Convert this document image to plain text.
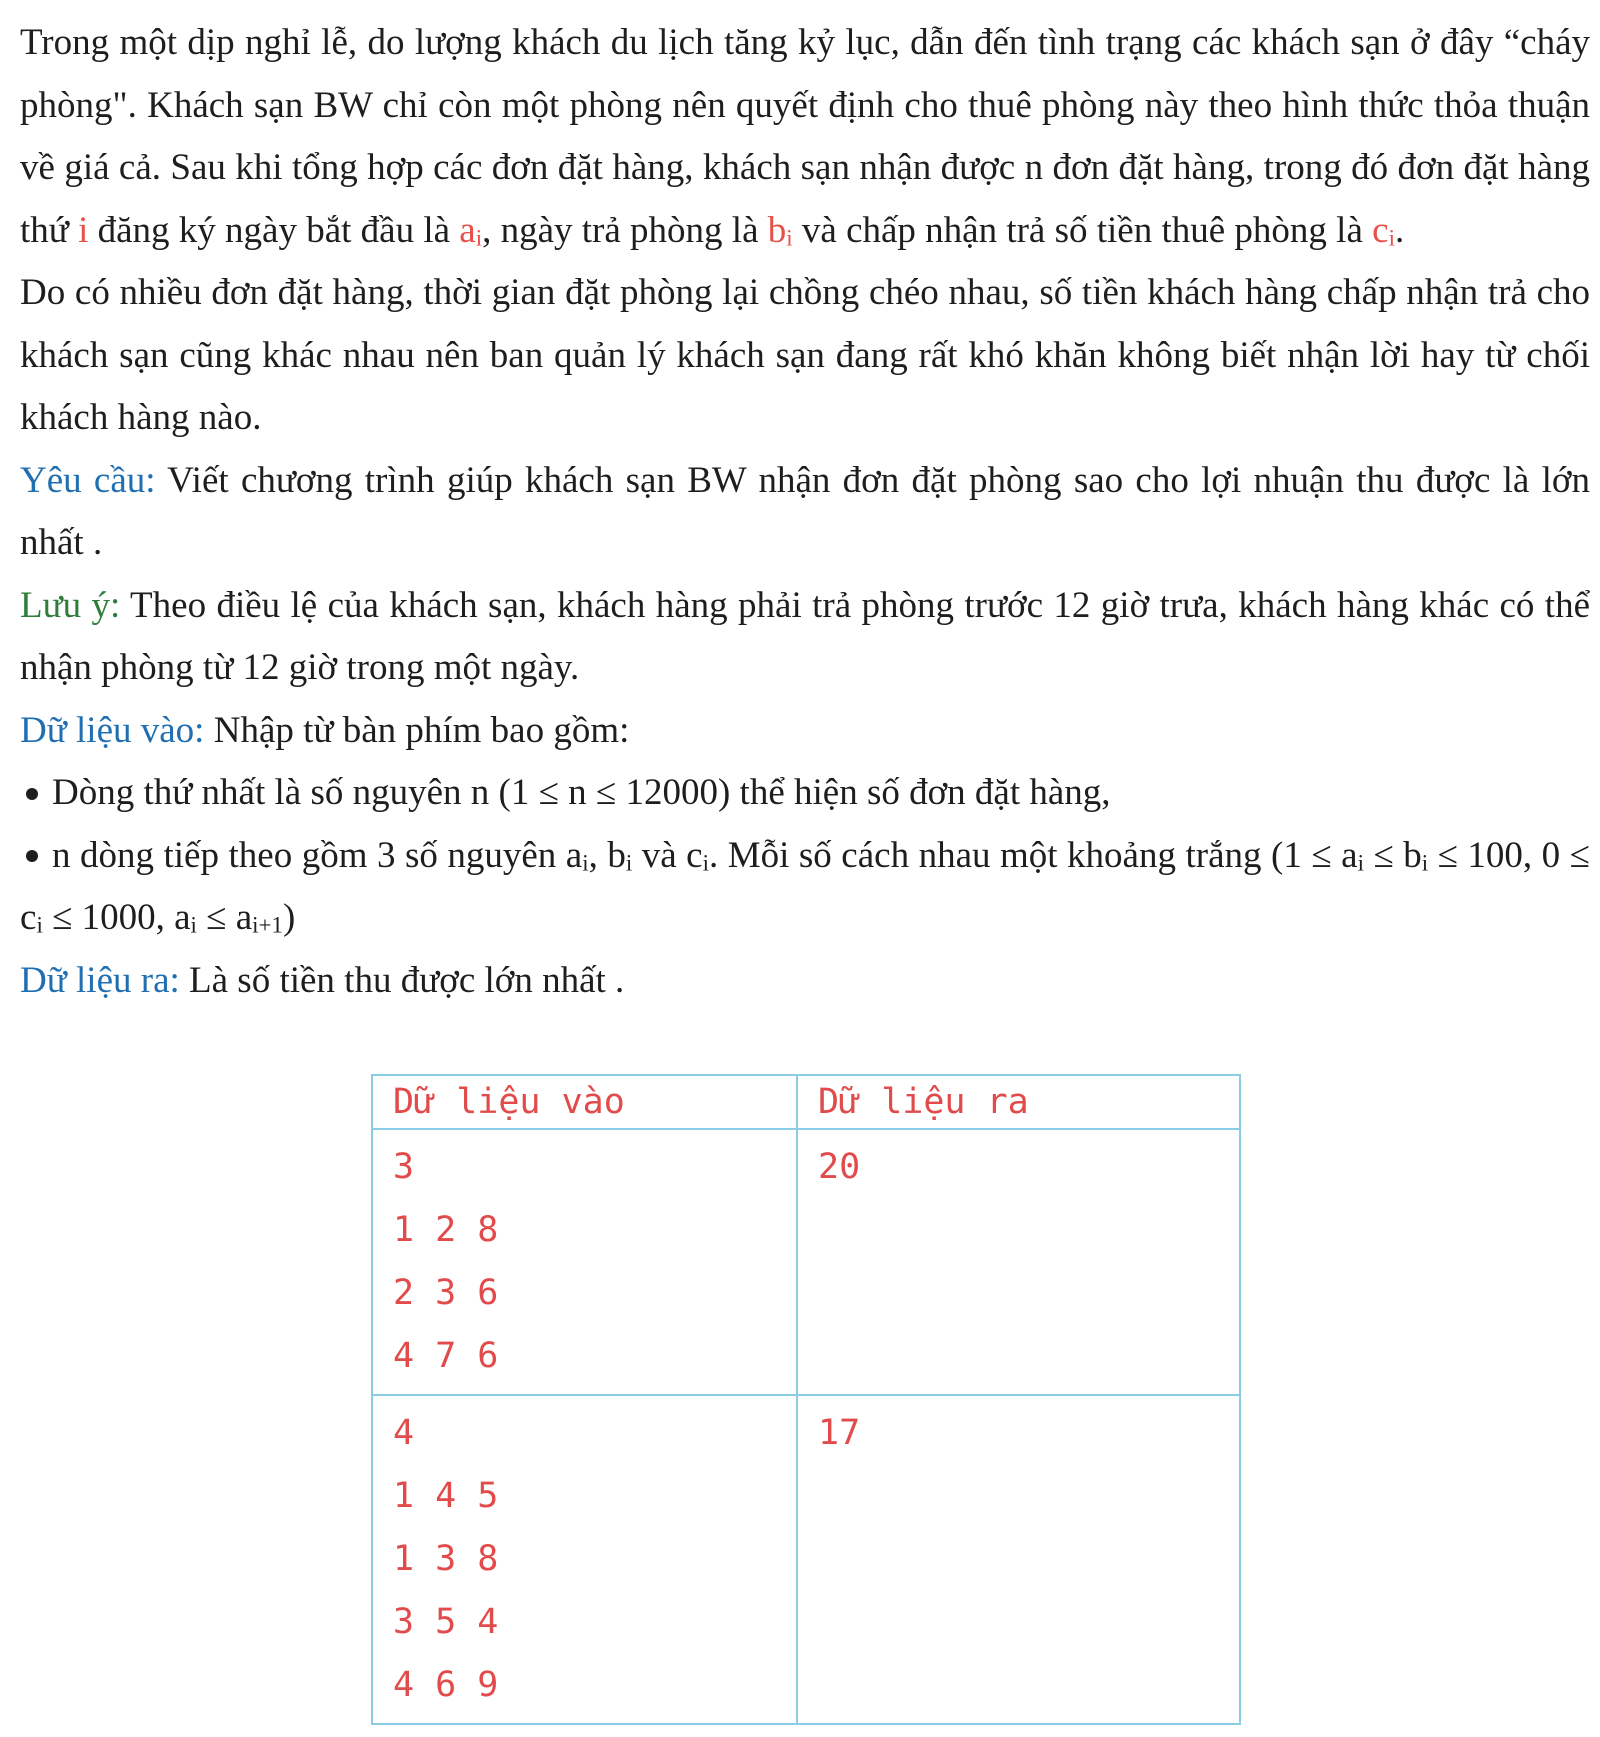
Trong một dịp nghỉ lễ, do lượng khách du lịch tăng kỷ lục, dẫn đến tình trạng các khách sạn ở đây “cháy phòng". Khách sạn BW chỉ còn một phòng nên quyết định cho thuê phòng này theo hình thức thỏa thuận về giá cả. Sau khi tổng hợp các đơn đặt hàng, khách sạn nhận được n đơn đặt hàng, trong đó đơn đặt hàng thứ i đăng ký ngày bắt đầu là $a_i$, ngày trả phòng là $b_i$ và chấp nhận trả số tiền thuê phòng là $c_i$.

Do có nhiều đơn đặt hàng, thời gian đặt phòng lại chồng chéo nhau, số tiền khách hàng chấp nhận trả cho khách sạn cũng khác nhau nên ban quản lý khách sạn đang rất khó khăn không biết nhận lời hay từ chối khách hàng nào.

Yêu cầu: Viết chương trình giúp khách sạn BW nhận đơn đặt phòng sao cho lợi nhuận thu được là lớn nhất .

Lưu ý: Theo điều lệ của khách sạn, khách hàng phải trả phòng trước 12 giờ trưa, khách hàng khác có thể nhận phòng từ 12 giờ trong một ngày.

Dữ liệu vào: Nhập từ bàn phím bao gồm:

Dòng thứ nhất là số nguyên n (1 ≤ n ≤ 12000) thể hiện số đơn đặt hàng,

n dòng tiếp theo gồm 3 số nguyên $a_i$, $b_i$ và $c_i$. Mỗi số cách nhau một khoảng trắng ($1 \le a_i \le b_i \le 100$, $0 \le c_i \le 1000$, $a_i \le a_{i+1}$)

Dữ liệu ra: Là số tiền thu được lớn nhất .

Dữ liệu vào	Dữ liệu ra

3
1 2 8
2 3 6
4 7 6	20

4
1 4 5
1 3 8
3 5 4
4 6 9	17
